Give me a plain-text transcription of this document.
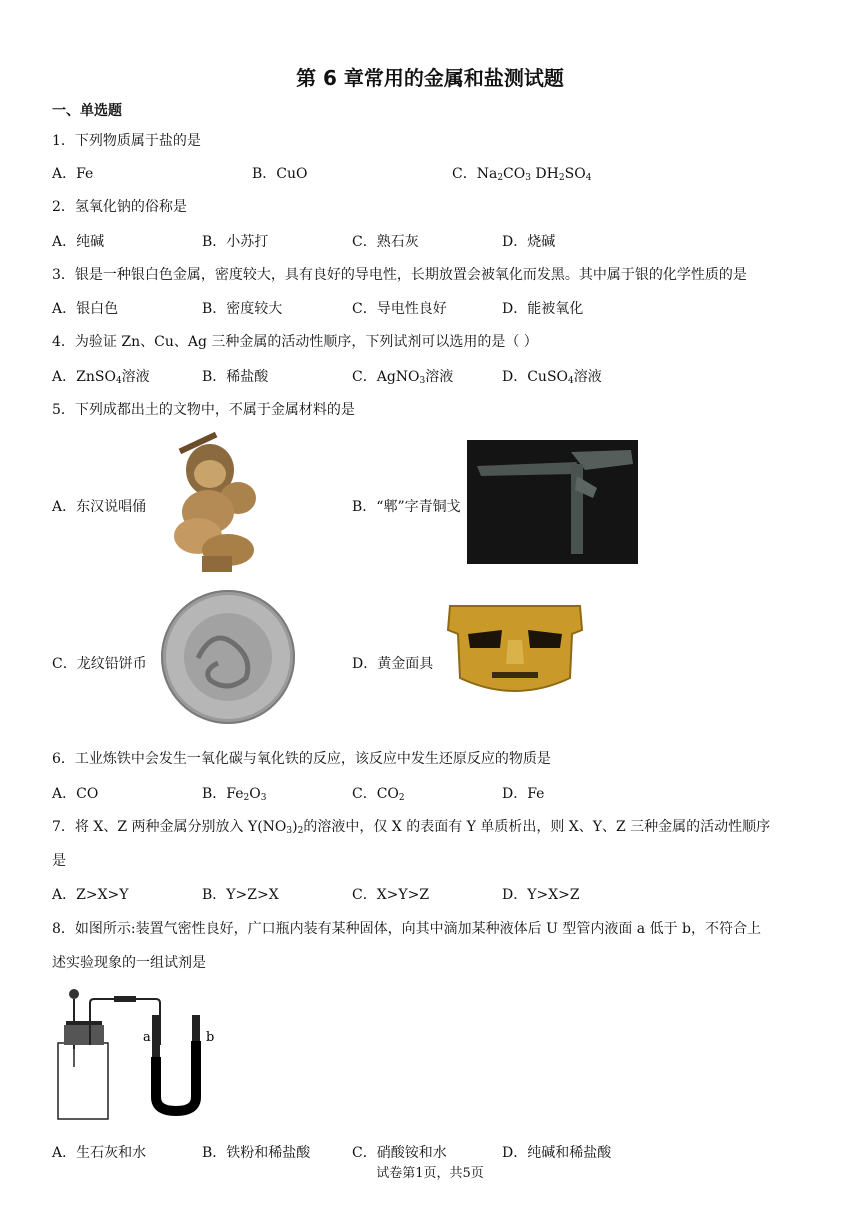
第 6 章常用的金属和盐测试题
一、单选题
1．下列物质属于盐的是
A．Fe	B．CuO	C．$Na_2CO_3$ $DH_2SO_4$
2．氢氧化钠的俗称是
A．纯碱	B．小苏打	C．熟石灰	D．烧碱
3．银是一种银白色金属，密度较大，具有良好的导电性，长期放置会被氧化而发黑。其中属于银的化学性质的是
A．银白色	B．密度较大	C．导电性良好	D．能被氧化
4．为验证 Zn、Cu、Ag 三种金属的活动性顺序，下列试剂可以选用的是（ ）
A．ZnSO$_4$溶液	B．稀盐酸	C．AgNO$_3$溶液	D．CuSO$_4$溶液
5．下列成都出土的文物中，不属于金属材料的是
A．东汉说唱俑	B．“郫”字青铜戈
C．龙纹铅饼币	D．黄金面具
6．工业炼铁中会发生一氧化碳与氧化铁的反应，该反应中发生还原反应的物质是
A．CO	B．$Fe_2O_3$	C．$CO_2$	D．Fe
7．将 X、Z 两种金属分别放入 $Y(NO_3)_2$的溶液中，仅 X 的表面有 Y 单质析出，则 X、Y、Z 三种金属的活动性顺序
是
A．Z>X>Y	B．Y>Z>X	C．X>Y>Z	D．Y>X>Z
8．如图所示:装置气密性良好，广口瓶内装有某种固体，向其中滴加某种液体后 U 型管内液面 a 低于 b，不符合上
述实验现象的一组试剂是
a	b
A．生石灰和水	B．铁粉和稀盐酸	C．硝酸铵和水	D．纯碱和稀盐酸
试卷第1页，共5页
